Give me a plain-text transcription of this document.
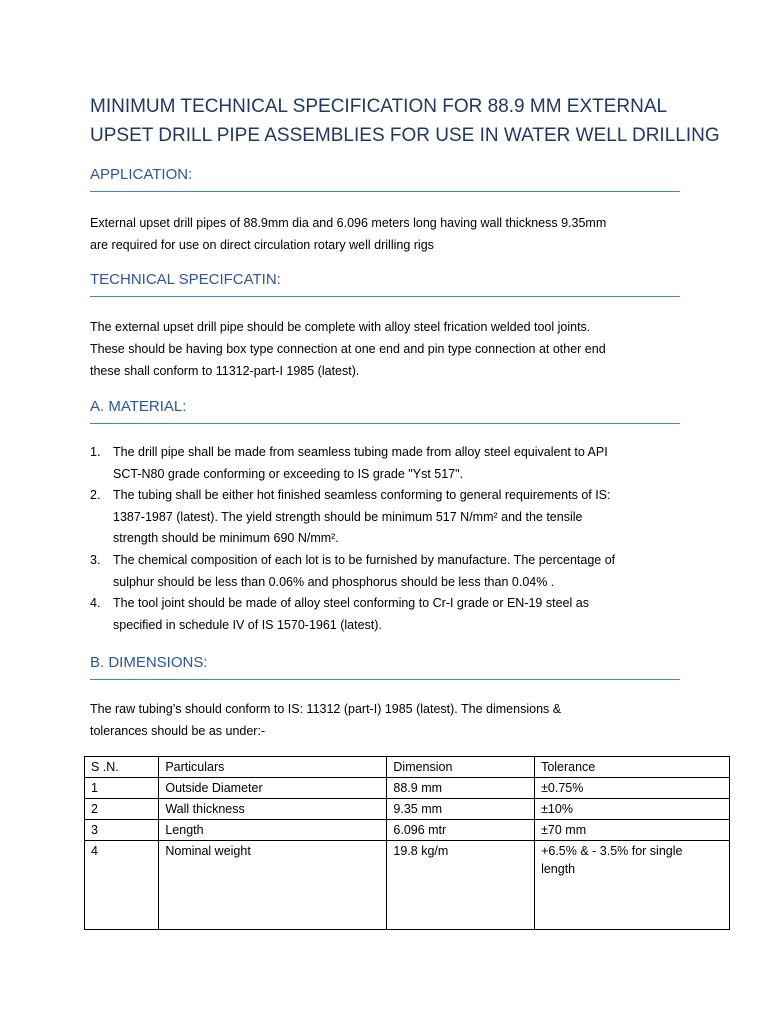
MINIMUM TECHNICAL SPECIFICATION FOR 88.9 MM EXTERNAL
UPSET DRILL PIPE ASSEMBLIES FOR USE IN WATER WELL DRILLING
APPLICATION:
External upset drill pipes of 88.9mm dia and 6.096 meters long having wall thickness 9.35mm
are required for use on direct circulation rotary well drilling rigs
TECHNICAL SPECIFCATIN:
The external upset drill pipe should be complete with alloy steel frication welded tool joints.
These should be having box type connection at one end and pin type connection at other end
these shall conform to 11312-part-I 1985 (latest).
A. MATERIAL:
1. The drill pipe shall be made from seamless tubing made from alloy steel equivalent to API
SCT-N80 grade conforming or exceeding to IS grade "Yst 517".
2. The tubing shall be either hot finished seamless conforming to general requirements of IS:
1387-1987 (latest). The yield strength should be minimum 517 N/mm² and the tensile
strength should be minimum 690 N/mm².
3. The chemical composition of each lot is to be furnished by manufacture. The percentage of
sulphur should be less than 0.06% and phosphorus should be less than 0.04% .
4. The tool joint should be made of alloy steel conforming to Cr-I grade or EN-19 steel as
specified in schedule IV of IS 1570-1961 (latest).
B. DIMENSIONS:
The raw tubing’s should conform to IS: 11312 (part-I) 1985 (latest). The dimensions &
tolerances should be as under:-
S .N.	Particulars	Dimension	Tolerance
1	Outside Diameter	88.9 mm	±0.75%
2	Wall thickness	9.35 mm	±10%
3	Length	6.096 mtr	±70 mm
4	Nominal weight	19.8 kg/m	+6.5% & - 3.5% for single
length
